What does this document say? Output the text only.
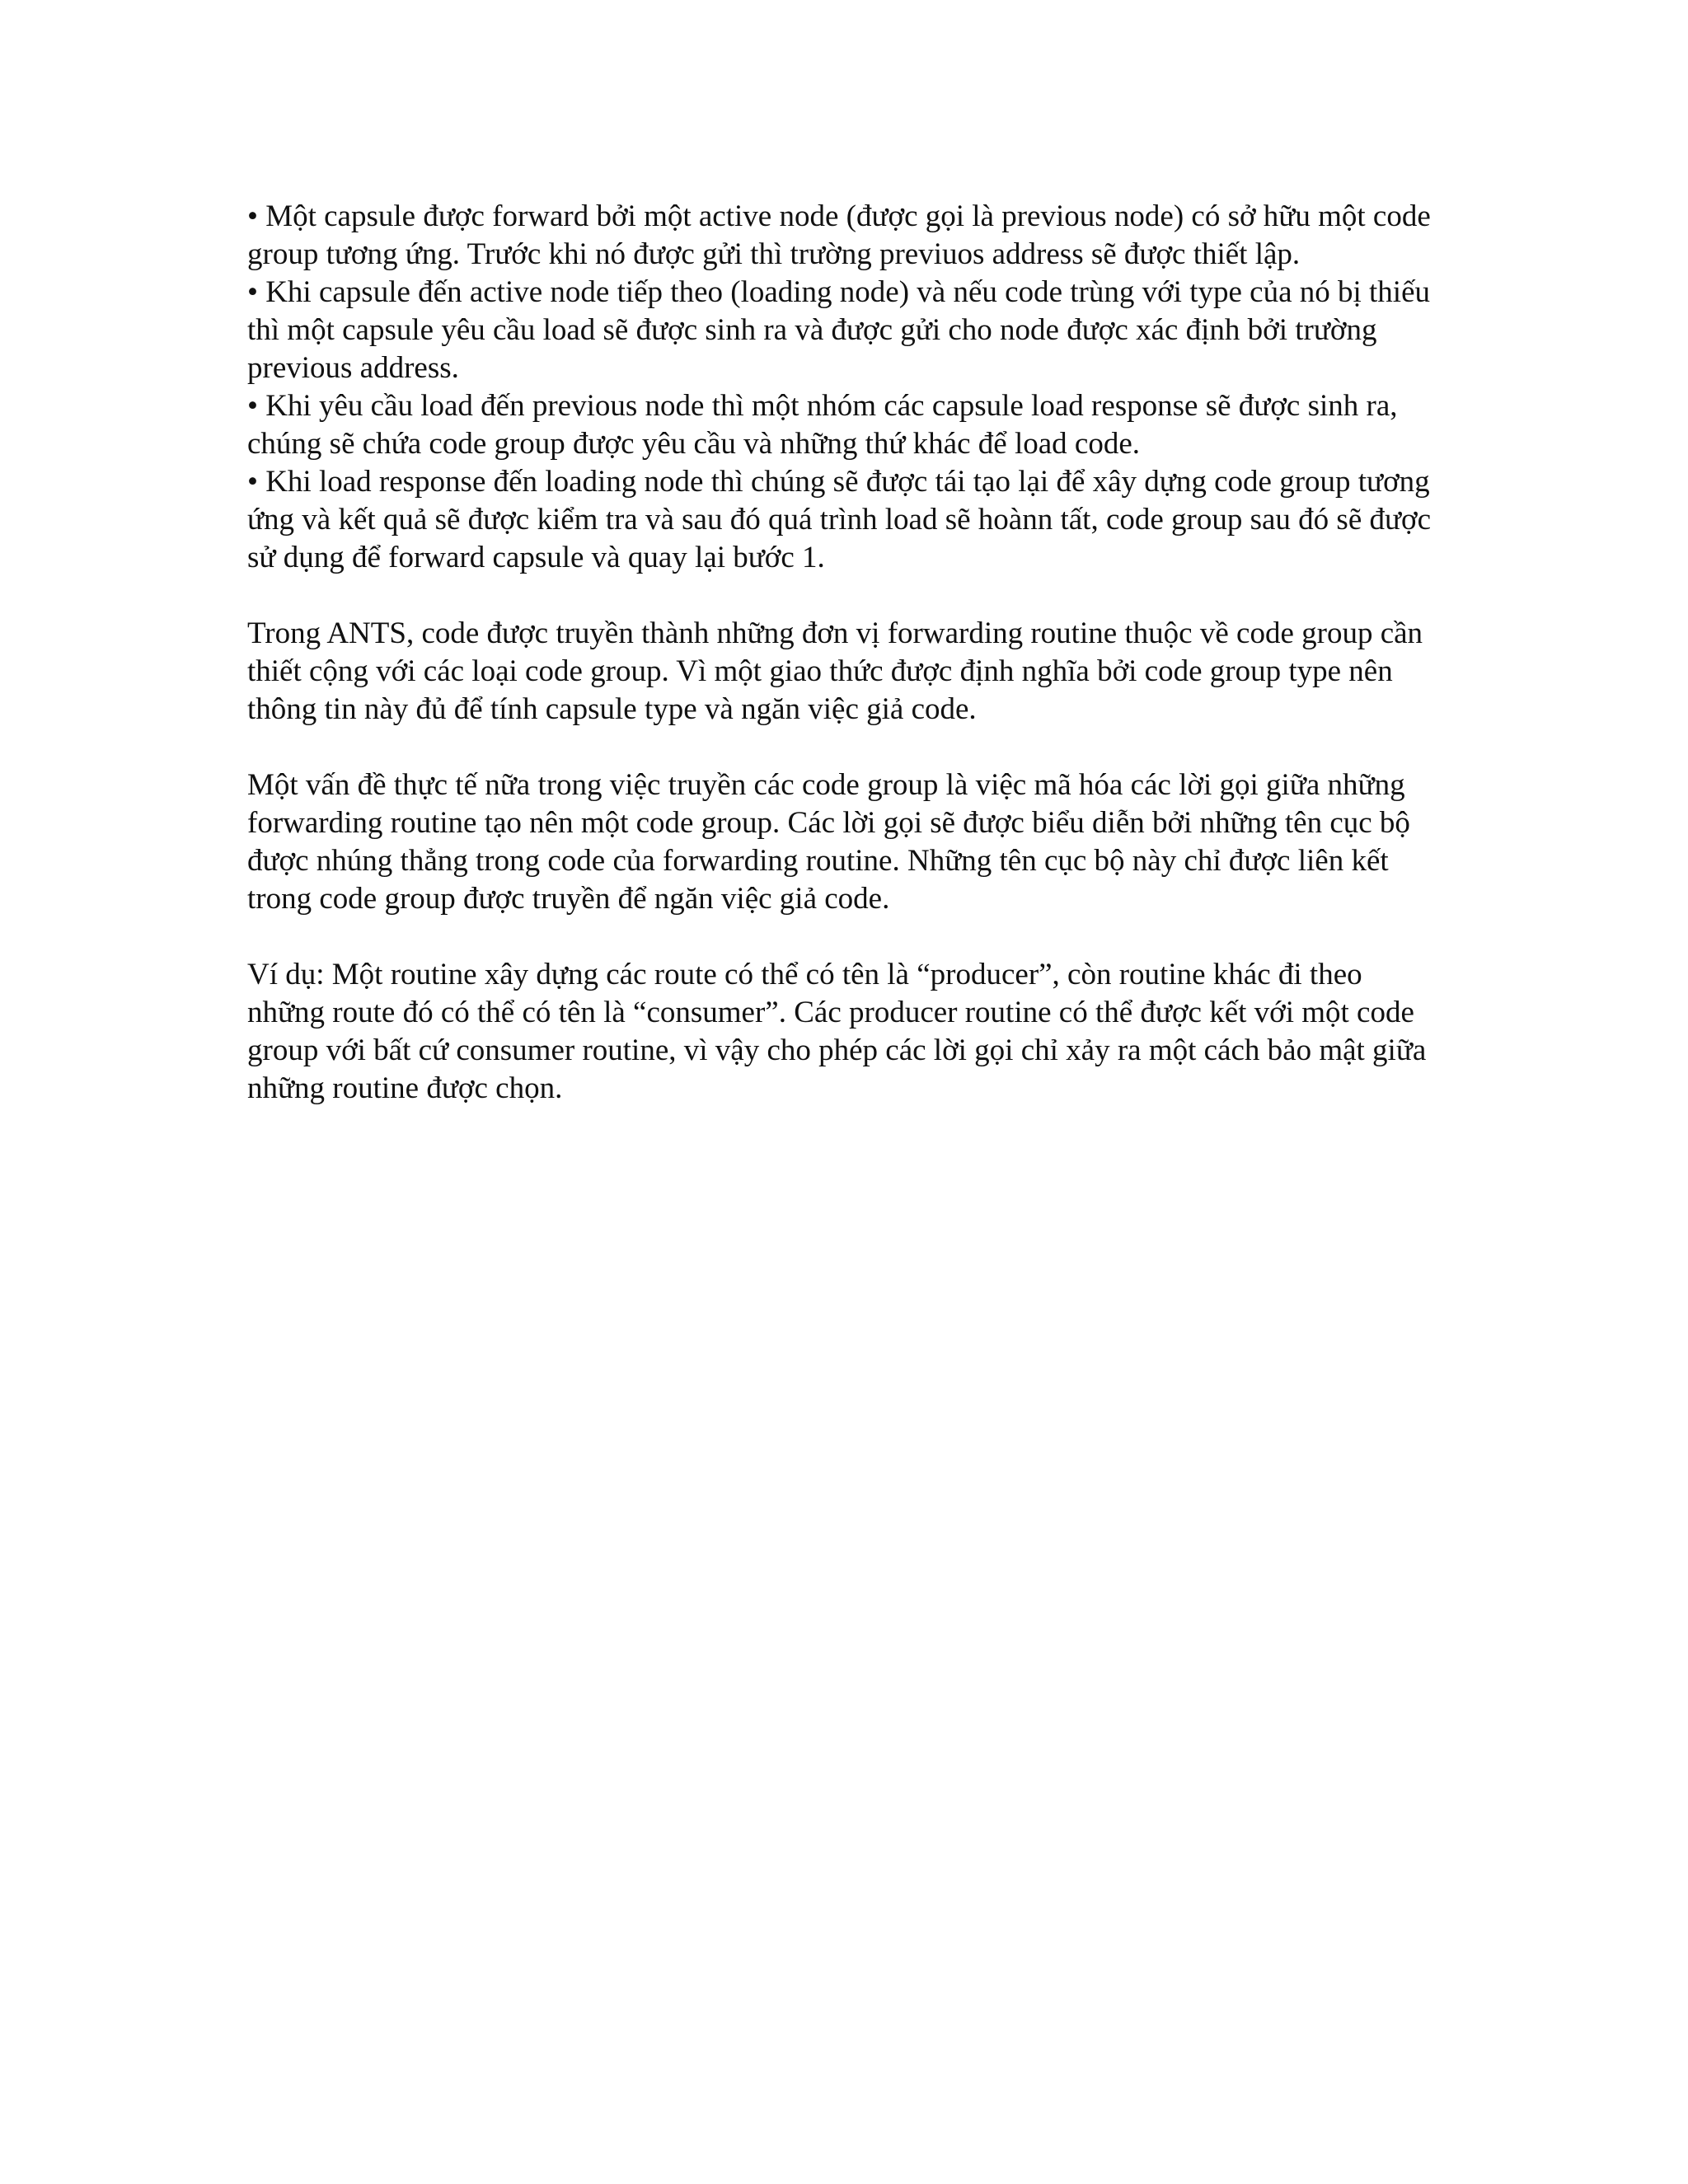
• Một capsule được forward bởi một active node (được gọi là previous node) có sở hữu một code group tương ứng. Trước khi nó được gửi thì trường previuos address sẽ được thiết lập.
• Khi capsule đến active node tiếp theo (loading node) và nếu code trùng với type của nó bị thiếu thì một capsule yêu cầu load sẽ được sinh ra và được gửi cho node được xác định bởi trường previous address.
• Khi yêu cầu load đến previous node thì một nhóm các capsule load response sẽ được sinh ra, chúng sẽ chứa code group được yêu cầu và những thứ khác để load code.
• Khi load response đến loading node thì chúng sẽ được tái tạo lại để xây dựng code group tương ứng và kết quả sẽ được kiểm tra và sau đó quá trình load sẽ hoànn tất, code group sau đó sẽ được sử dụng để forward capsule và quay lại bước 1.

Trong ANTS, code được truyền thành những đơn vị forwarding routine thuộc về code group cần thiết cộng với các loại code group. Vì một giao thức được định nghĩa bởi code group type nên thông tin này đủ để tính capsule type và ngăn việc giả code.

Một vấn đề thực tế nữa trong việc truyền các code group là việc mã hóa các lời gọi giữa những forwarding routine tạo nên một code group. Các lời gọi sẽ được biểu diễn bởi những tên cục bộ được nhúng thẳng trong code của forwarding routine. Những tên cục bộ này chỉ được liên kết trong code group được truyền để ngăn việc giả code.

Ví dụ: Một routine xây dựng các route có thể có tên là “producer”, còn routine khác đi theo những route đó có thể có tên là “consumer”. Các producer routine có thể được kết với một code group với bất cứ consumer routine, vì vậy cho phép các lời gọi chỉ xảy ra một cách bảo mật giữa những routine được chọn.
